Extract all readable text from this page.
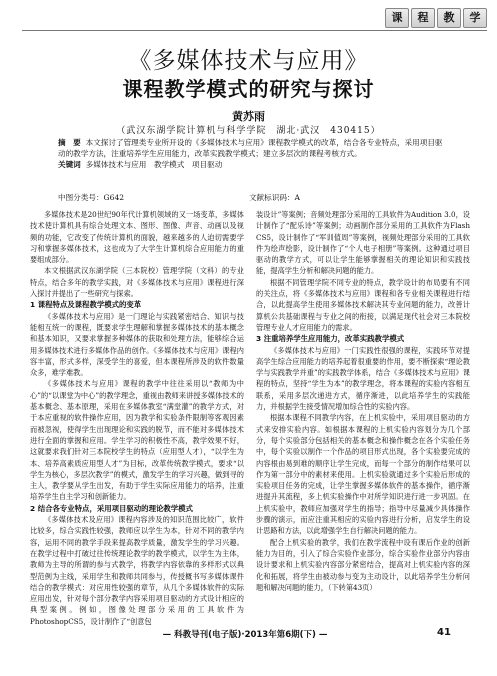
课	程	教	学
《多媒体技术与应用》
课程教学模式的研究与探讨
黄苏雨
（武汉东湖学院计算机与科学学院　湖北·武汉　430415）
摘　要 本文探讨了管理类专业所开设的《多媒体技术与应用》课程教学模式的改革，结合各专业特点，采用项目驱动的教学方法，注重培养学生应用能力，改革实践教学模式；建立多层次的课程考核方式。
关键词 多媒体技术与应用　教学模式　项目驱动
中图分类号：G642	文献标识码：A

多媒体技术是20世纪90年代计算机领域的又一场变革，多媒体技术使计算机具有综合处理文本、图形、图像、声音、动画以及视频的功能，它改变了传统计算机的面貌，越来越多的人迫切需要学习和掌握多媒体技术，这也成为了大学生计算机综合应用能力的重要组成部分。

本文根据武汉东湖学院（三本院校）管理学院（文科）的专业特点，结合多年的教学实践，对《多媒体技术与应用》课程进行深入探讨并提出了一些研究与探索。

1 课程特点及课程教学模式的变革

《多媒体技术与应用》是一门理论与实践紧密结合、知识与技能相互统一的课程，既要求学生理解和掌握多媒体技术的基本概念和基本知识，又要求掌握多种媒体的获取和处理方法，能够综合运用多媒体技术进行多媒体作品的创作。《多媒体技术与应用》课程内容丰富，形式多样，深受学生的喜爱，但本课程所涉及的软件数量众多，难学难教。

《多媒体技术与应用》课程的教学中往往采用以“教师为中心”的“以课堂为中心”的教学理念，重视由教师来讲授多媒体技术的基本概念、基本原理，采用在多媒体教室“满堂灌”的教学方式，对于本应重视的软件操作应用，因为教学和实验条件限制等客观因素而被忽视，使得学生出现理论和实践的脱节，而不能对多媒体技术进行全面的掌握和应用。学生学习的积极性不高，教学效果不好，这就要求我们针对三本院校学生的特点（应用型人才），“以学生为本、培养高素质应用型人才”为目标，改革传统教学模式，要求“以学生为核心，多层次教学”的模式，激发学生的学习兴趣，做到寻的主人，教学要从学生出发，有助于学生实际应用能力的培养，注重培养学生自主学习和创新能力。

2 结合各专业特点，采用项目驱动的理论教学模式

《多媒体技术及应用》课程内容涉及的知识范围比较广，软件比较多，综合实践性较强，教师应以学生为本，针对不同的教学内容，运用不同的教学手段来提高教学质量，激发学生的学习兴趣。在教学过程中打破过往传统理论教学的教学模式，以学生为主体，教师为主导的所谓的参与式教学，将教学内容依靠的多样形式以典型范例为主线，采用学生和教师共同参与，传授概书写多媒体课件结合的教学模式：对应用性较强的章节，从几个多媒体软件的实际应用出发，针对每个部分教学内容采用项目驱动的方式设计相应的典型案例。例如，图像处理部分采用的工具软件为PhotoshopCS5，设计制作了“创意包

装设计”等案例；音频处理部分采用的工具软件为Audition 3.0，设计制作了“配乐诗”等案例；动画制作部分采用的工具软件为Flash CS5，设计制作了“军训值周”等案例，视频处理部分采用的工具软件为绘声绘影，设计制作了“个人电子相册”等案例。这种通过项目驱动的教学方式，可以让学生能够掌握相关的理论知识和实践技能，提高学生分析和解决问题的能力。

根据不同管理学院不同专业的特点，教学设计的布局要有不同的关注点，将《多媒体技术与应用》课程和各专业相关课程进行结合，以此提高学生使用多媒体技术解决其专业问题的能力，改善计算机公共基础课程与专业之间的衔接，以满足现代社会对三本院校管理专业人才应用能力的需求。

3 注重培养学生应用能力，改革实践教学模式

《多媒体技术与应用》一门实践性很强的课程，实践环节对提高学生综合应用能力的培养起着很重要的作用，要不断探索“理论教学与实践教学并重”的实践教学体系，结合《多媒体技术与应用》课程的特点，坚持“学生为本”的教学理念，将本课程的实验内容相互联系，采用多层次递进方式，循序渐进，以此培养学生的实践能力，并根据学生接受情况增加综合性的实验内容。

根据本课程不同教学内容，在上机实验中，采用项目驱动的方式来安排实验内容。如根据本课程的上机实验内容划分为几个部分，每个实验部分包括相关的基本概念和操作概念在各个实验任务中，每个实验以制作一个作品的项目形式出现，各个实验要完成的内容根由易到难的顺序让学生完成，而每一个部分的制作结果可以作为第一部分中的素材来使用。上机实验就通过多个实验后形成的实验项目任务的完成，让学生掌握多媒体软件的基本操作，循序渐进提升其流程，多上机实验操作中对所学知识进行进一步巩固。在上机实验中，教师应加强对学生的指导；指导中尽量减少具体操作步骤的演示，而应注重其相应的实验内容进行分析，启发学生的设计思路和方法，以此增强学生自行解决问题的能力。

配合上机实验的教学，我们在教学流程中设有课后作业的创新能力为目的，引入了综合实验作业部分，综合实验作业部分内容由设计要求和上机实验内容部分紧密结合，提高对上机实验内容的深化和拓展，将学生由被动参与变为主动设计，以此培养学生分析问题和解决问题的能力，（下转第43页）

— 科教导刊(电子版)·2013年第6期(下) —	41
